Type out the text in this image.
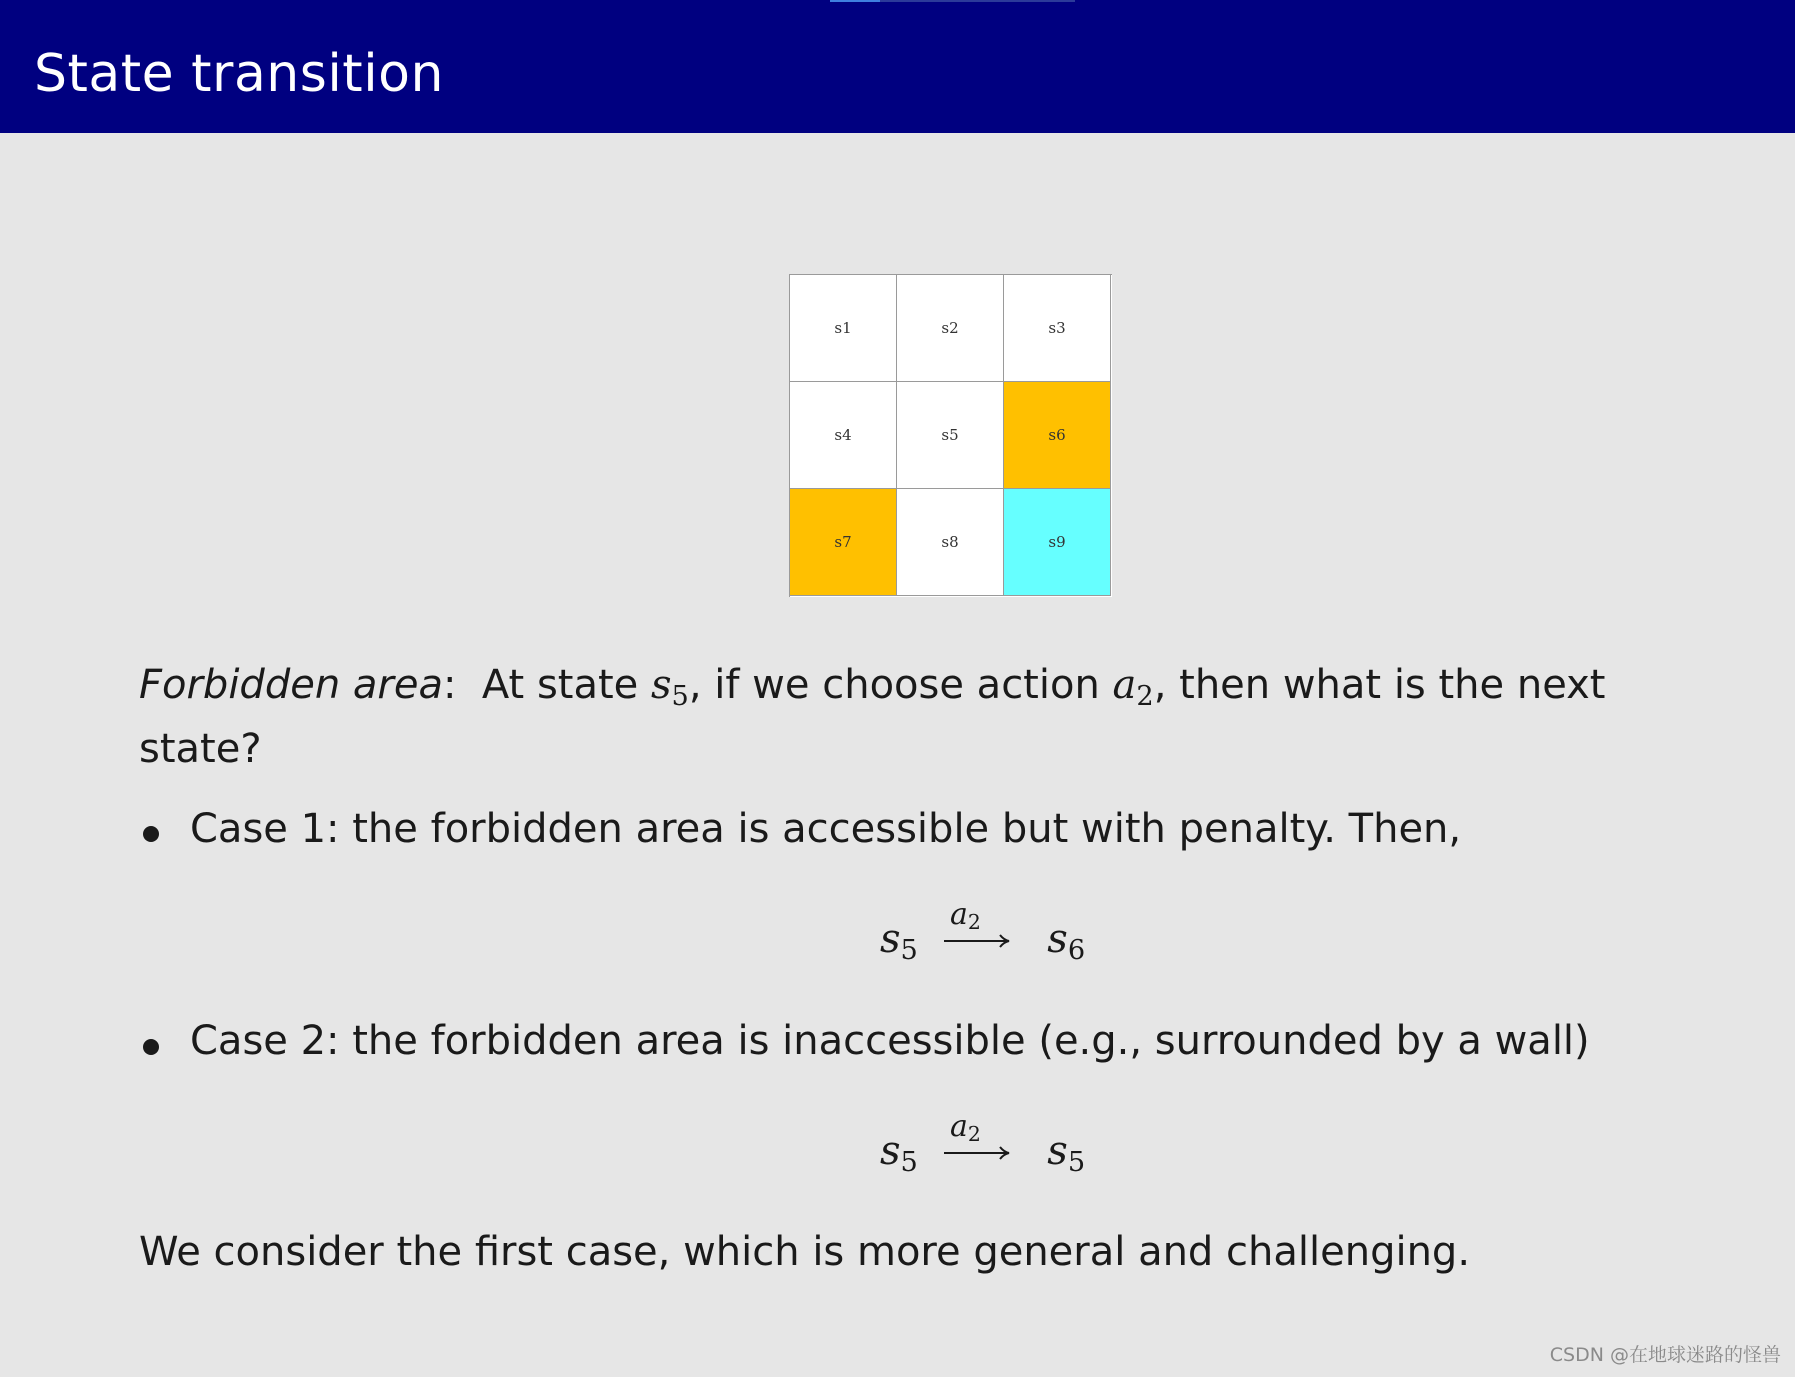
State transition
s1	s2	s3
s4	s5	s6
s7	s8	s9
Forbidden area: At state $s_5$, if we choose action $a_2$, then what is the next
state?
Case 1: the forbidden area is accessible but with penalty. Then,
$s_5$	$s_6$
$a_2$
Case 2: the forbidden area is inaccessible (e.g., surrounded by a wall)
$s_5$	$s_5$
$a_2$
We consider the first case, which is more general and challenging.
CSDN @在地球迷路的怪兽
